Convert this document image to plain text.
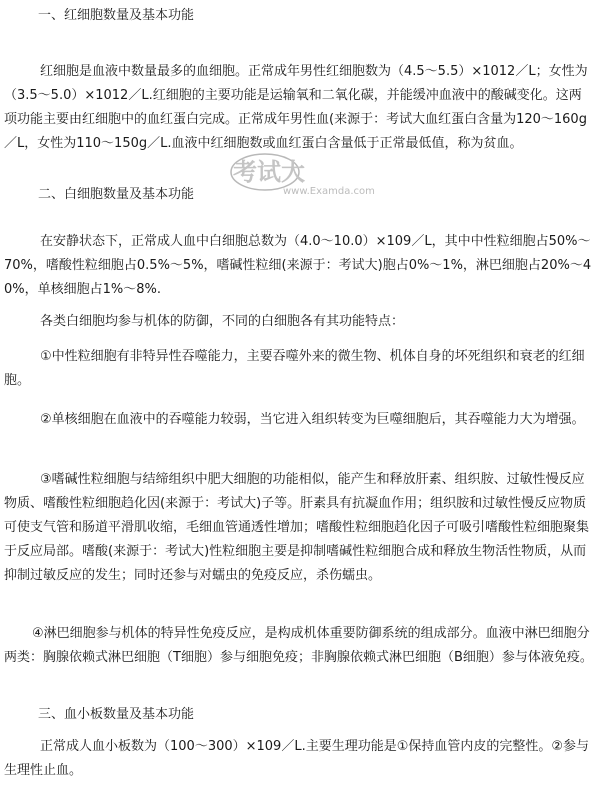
一、红细胞数量及基本功能

红细胞是血液中数量最多的血细胞。正常成年男性红细胞数为（4.5～5.5）×1012／L；女性为（3.5～5.0）×1012／L.红细胞的主要功能是运输氧和二氧化碳，并能缓冲血液中的酸碱变化。这两项功能主要由红细胞中的血红蛋白完成。正常成年男性血(来源于：考试大血红蛋白含量为120～160g／L，女性为110～150g／L.血液中红细胞数或血红蛋白含量低于正常最低值，称为贫血。

考试大
www.Examda.com
二、白细胞数量及基本功能

在安静状态下，正常成人血中白细胞总数为（4.0～10.0）×109／L，其中中性粒细胞占50%～70%，嗜酸性粒细胞占0.5%～5%，嗜碱性粒细(来源于：考试大)胞占0%～1%，淋巴细胞占20%～40%，单核细胞占1%～8%.

各类白细胞均参与机体的防御，不同的白细胞各有其功能特点：

①中性粒细胞有非特异性吞噬能力，主要吞噬外来的微生物、机体自身的坏死组织和衰老的红细胞。

②单核细胞在血液中的吞噬能力较弱，当它进入组织转变为巨噬细胞后，其吞噬能力大为增强。

③嗜碱性粒细胞与结缔组织中肥大细胞的功能相似，能产生和释放肝素、组织胺、过敏性慢反应物质、嗜酸性粒细胞趋化因(来源于：考试大)子等。肝素具有抗凝血作用；组织胺和过敏性慢反应物质可使支气管和肠道平滑肌收缩，毛细血管通透性增加；嗜酸性粒细胞趋化因子可吸引嗜酸性粒细胞聚集于反应局部。嗜酸(来源于：考试大)性粒细胞主要是抑制嗜碱性粒细胞合成和释放生物活性物质，从而抑制过敏反应的发生；同时还参与对蠕虫的免疫反应，杀伤蠕虫。

④淋巴细胞参与机体的特异性免疫反应，是构成机体重要防御系统的组成部分。血液中淋巴细胞分两类：胸腺依赖式淋巴细胞（T细胞）参与细胞免疫；非胸腺依赖式淋巴细胞（B细胞）参与体液免疫。

三、血小板数量及基本功能

正常成人血小板数为（100～300）×109／L.主要生理功能是①保持血管内皮的完整性。②参与生理性止血。
